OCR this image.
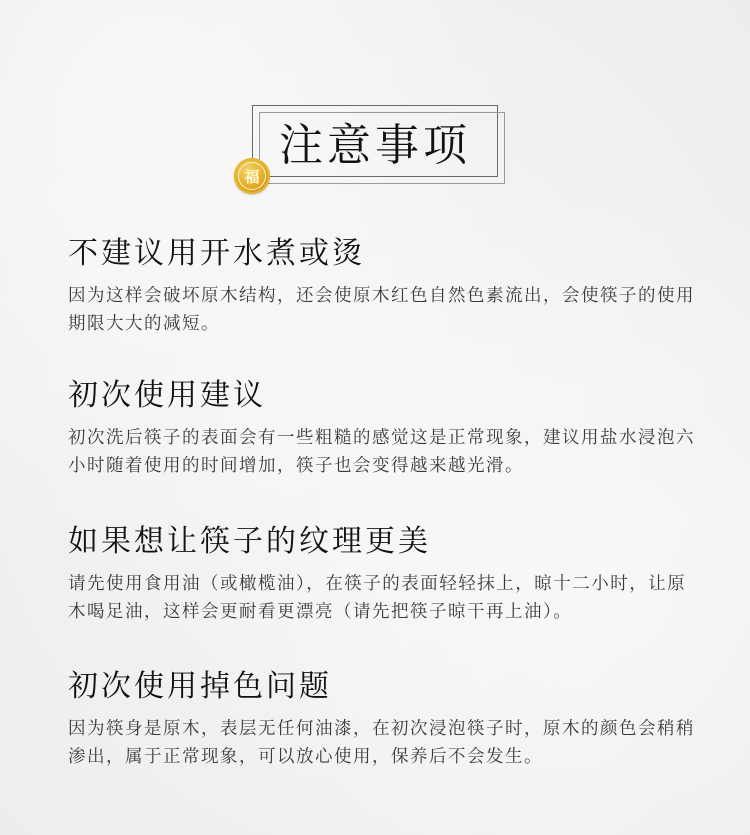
注意事项
福
不建议用开水煮或烫

因为这样会破坏原木结构，还会使原木红色自然色素流出，会使筷子的使用期限大大的减短。

初次使用建议

初次洗后筷子的表面会有一些粗糙的感觉这是正常现象，建议用盐水浸泡六小时随着使用的时间增加，筷子也会变得越来越光滑。

如果想让筷子的纹理更美

请先使用食用油（或橄榄油），在筷子的表面轻轻抹上，晾十二小时，让原木喝足油，这样会更耐看更漂亮（请先把筷子晾干再上油）。

初次使用掉色问题

因为筷身是原木，表层无任何油漆，在初次浸泡筷子时，原木的颜色会稍稍渗出，属于正常现象，可以放心使用，保养后不会发生。
